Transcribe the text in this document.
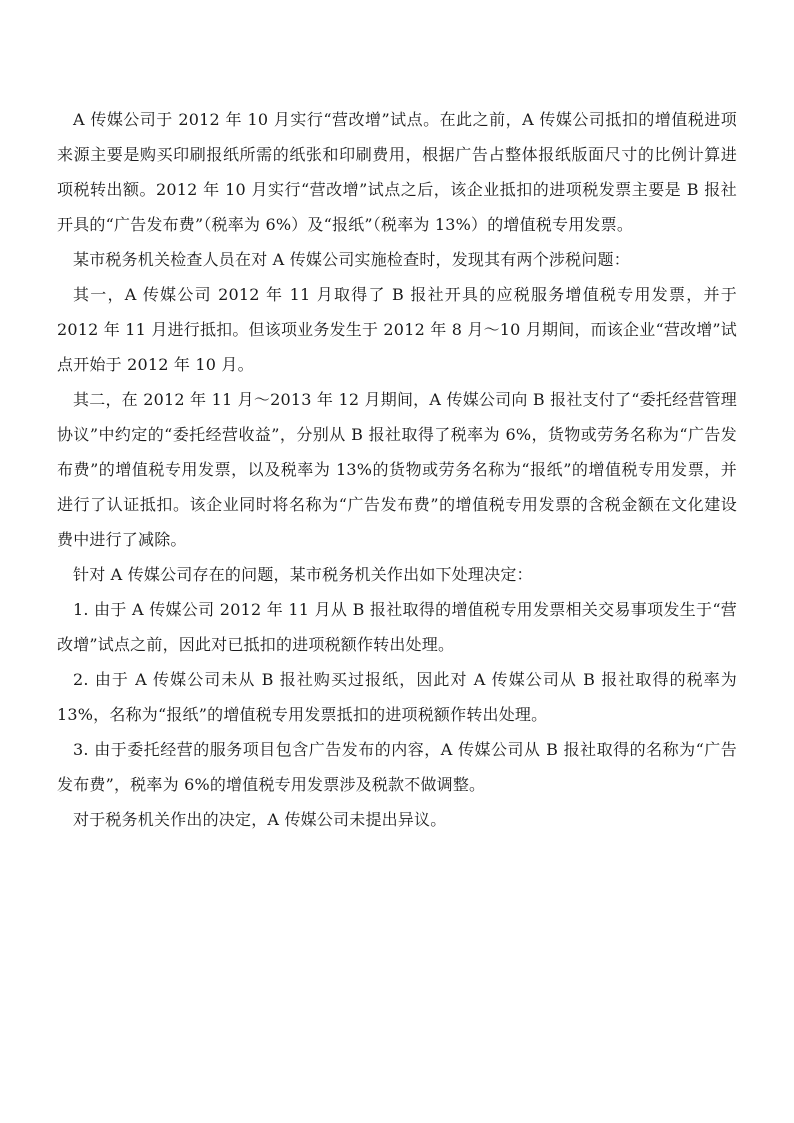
A 传媒公司于 2012 年 10 月实行“营改增”试点。在此之前，A 传媒公司抵扣的增值税进项来源主要是购买印刷报纸所需的纸张和印刷费用，根据广告占整体报纸版面尺寸的比例计算进项税转出额。2012 年 10 月实行“营改增”试点之后，该企业抵扣的进项税发票主要是 B 报社开具的“广告发布费”（税率为 6%）及“报纸”（税率为 13%）的增值税专用发票。

某市税务机关检查人员在对 A 传媒公司实施检查时，发现其有两个涉税问题：

其一，A 传媒公司 2012 年 11 月取得了 B 报社开具的应税服务增值税专用发票，并于 2012 年 11 月进行抵扣。但该项业务发生于 2012 年 8 月～10 月期间，而该企业“营改增”试点开始于 2012 年 10 月。

其二，在 2012 年 11 月～2013 年 12 月期间，A 传媒公司向 B 报社支付了“委托经营管理协议”中约定的“委托经营收益”，分别从 B 报社取得了税率为 6%，货物或劳务名称为“广告发布费”的增值税专用发票，以及税率为 13%的货物或劳务名称为“报纸”的增值税专用发票，并进行了认证抵扣。该企业同时将名称为“广告发布费”的增值税专用发票的含税金额在文化建设费中进行了减除。

针对 A 传媒公司存在的问题，某市税务机关作出如下处理决定：

1. 由于 A 传媒公司 2012 年 11 月从 B 报社取得的增值税专用发票相关交易事项发生于“营改增”试点之前，因此对已抵扣的进项税额作转出处理。

2. 由于 A 传媒公司未从 B 报社购买过报纸，因此对 A 传媒公司从 B 报社取得的税率为 13%，名称为“报纸”的增值税专用发票抵扣的进项税额作转出处理。

3. 由于委托经营的服务项目包含广告发布的内容，A 传媒公司从 B 报社取得的名称为“广告发布费”，税率为 6%的增值税专用发票涉及税款不做调整。

对于税务机关作出的决定，A 传媒公司未提出异议。
